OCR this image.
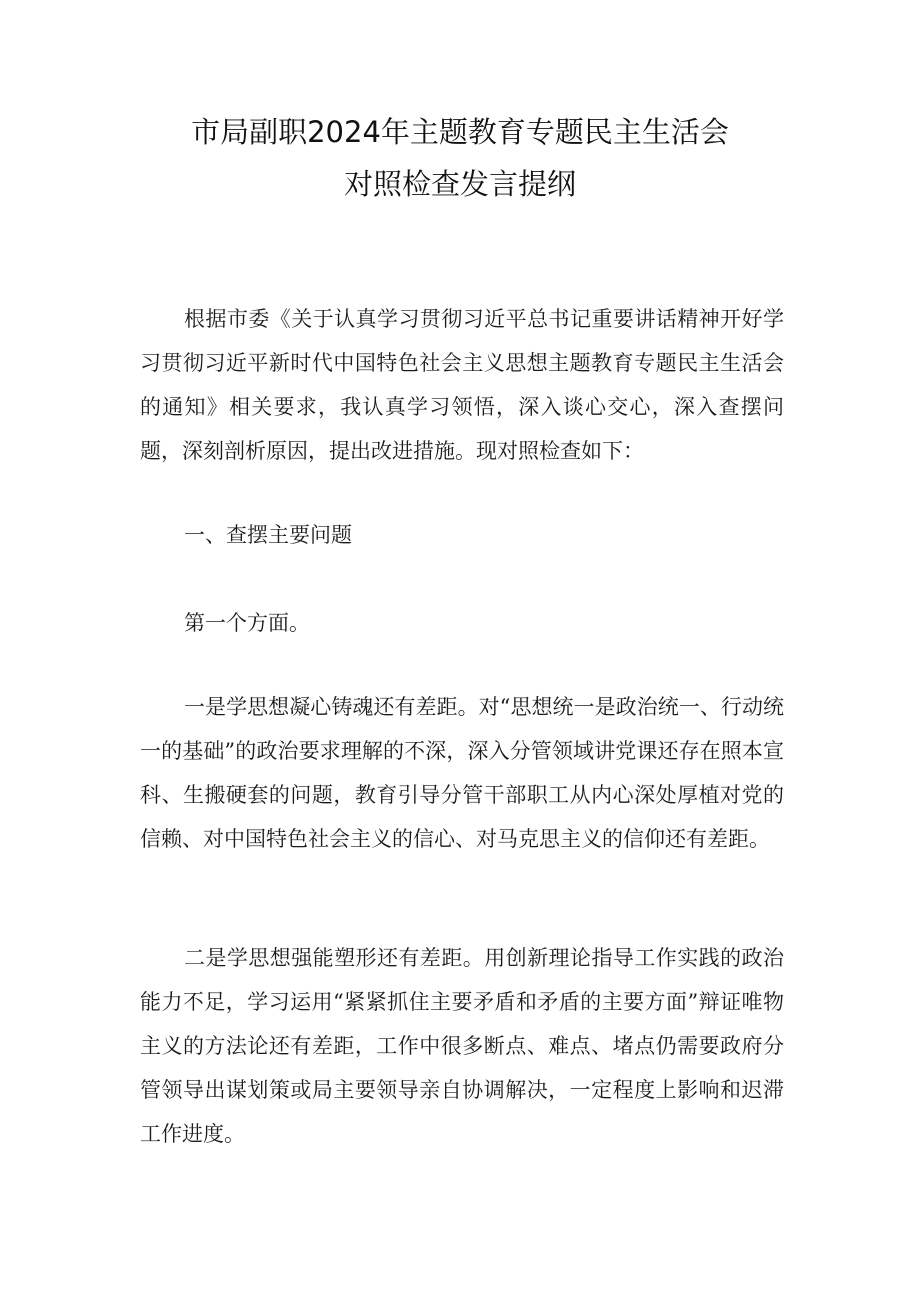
市局副职2024年主题教育专题民主生活会
对照检查发言提纲

根据市委《关于认真学习贯彻习近平总书记重要讲话精神开好学习贯彻习近平新时代中国特色社会主义思想主题教育专题民主生活会的通知》相关要求，我认真学习领悟，深入谈心交心，深入查摆问题，深刻剖析原因，提出改进措施。现对照检查如下：

一、查摆主要问题

第一个方面。

一是学思想凝心铸魂还有差距。对“思想统一是政治统一、行动统一的基础”的政治要求理解的不深，深入分管领域讲党课还存在照本宣科、生搬硬套的问题，教育引导分管干部职工从内心深处厚植对党的信赖、对中国特色社会主义的信心、对马克思主义的信仰还有差距。

二是学思想强能塑形还有差距。用创新理论指导工作实践的政治能力不足，学习运用“紧紧抓住主要矛盾和矛盾的主要方面”辩证唯物主义的方法论还有差距，工作中很多断点、难点、堵点仍需要政府分管领导出谋划策或局主要领导亲自协调解决，一定程度上影响和迟滞工作进度。
